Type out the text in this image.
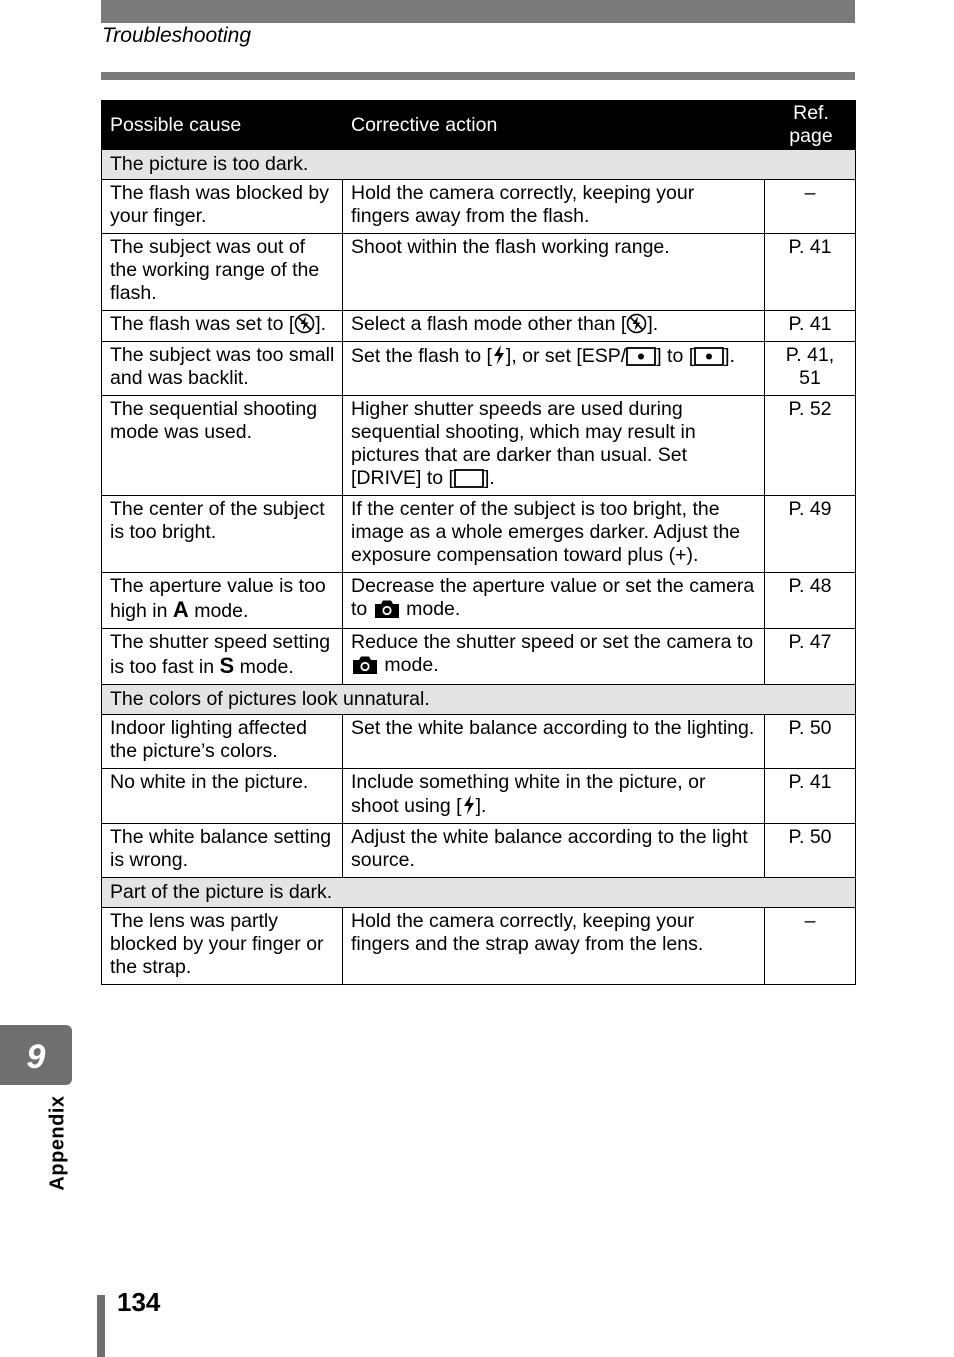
Troubleshooting
Possible cause	Corrective action	Ref.
page
The picture is too dark.		
The flash was blocked by your finger.	Hold the camera correctly, keeping your fingers away from the flash.	–
The subject was out of the working range of the flash.	Shoot within the flash working range.	P. 41
The flash was set to [ ].	Select a flash mode other than [ ].	P. 41
The subject was too small and was backlit.	Set the flash to [ ], or set [ESP/ ] to [ ].	P. 41,
51
The sequential shooting mode was used.	Higher shutter speeds are used during sequential shooting, which may result in pictures that are darker than usual. Set [DRIVE] to [ ].	P. 52
The center of the subject is too bright.	If the center of the subject is too bright, the image as a whole emerges darker. Adjust the exposure compensation toward plus (+).	P. 49
The aperture value is too high in A mode.	Decrease the aperture value or set the camera to  mode.	P. 48
The shutter speed setting is too fast in S mode.	Reduce the shutter speed or set the camera to  mode.	P. 47
The colors of pictures look unnatural.		
Indoor lighting affected the picture’s colors.	Set the white balance according to the lighting.	P. 50
No white in the picture.	Include something white in the picture, or shoot using [ ].	P. 41
The white balance setting is wrong.	Adjust the white balance according to the light source.	P. 50
Part of the picture is dark.		
The lens was partly blocked by your finger or the strap.	Hold the camera correctly, keeping your fingers and the strap away from the lens.	–
9
Appendix
134
